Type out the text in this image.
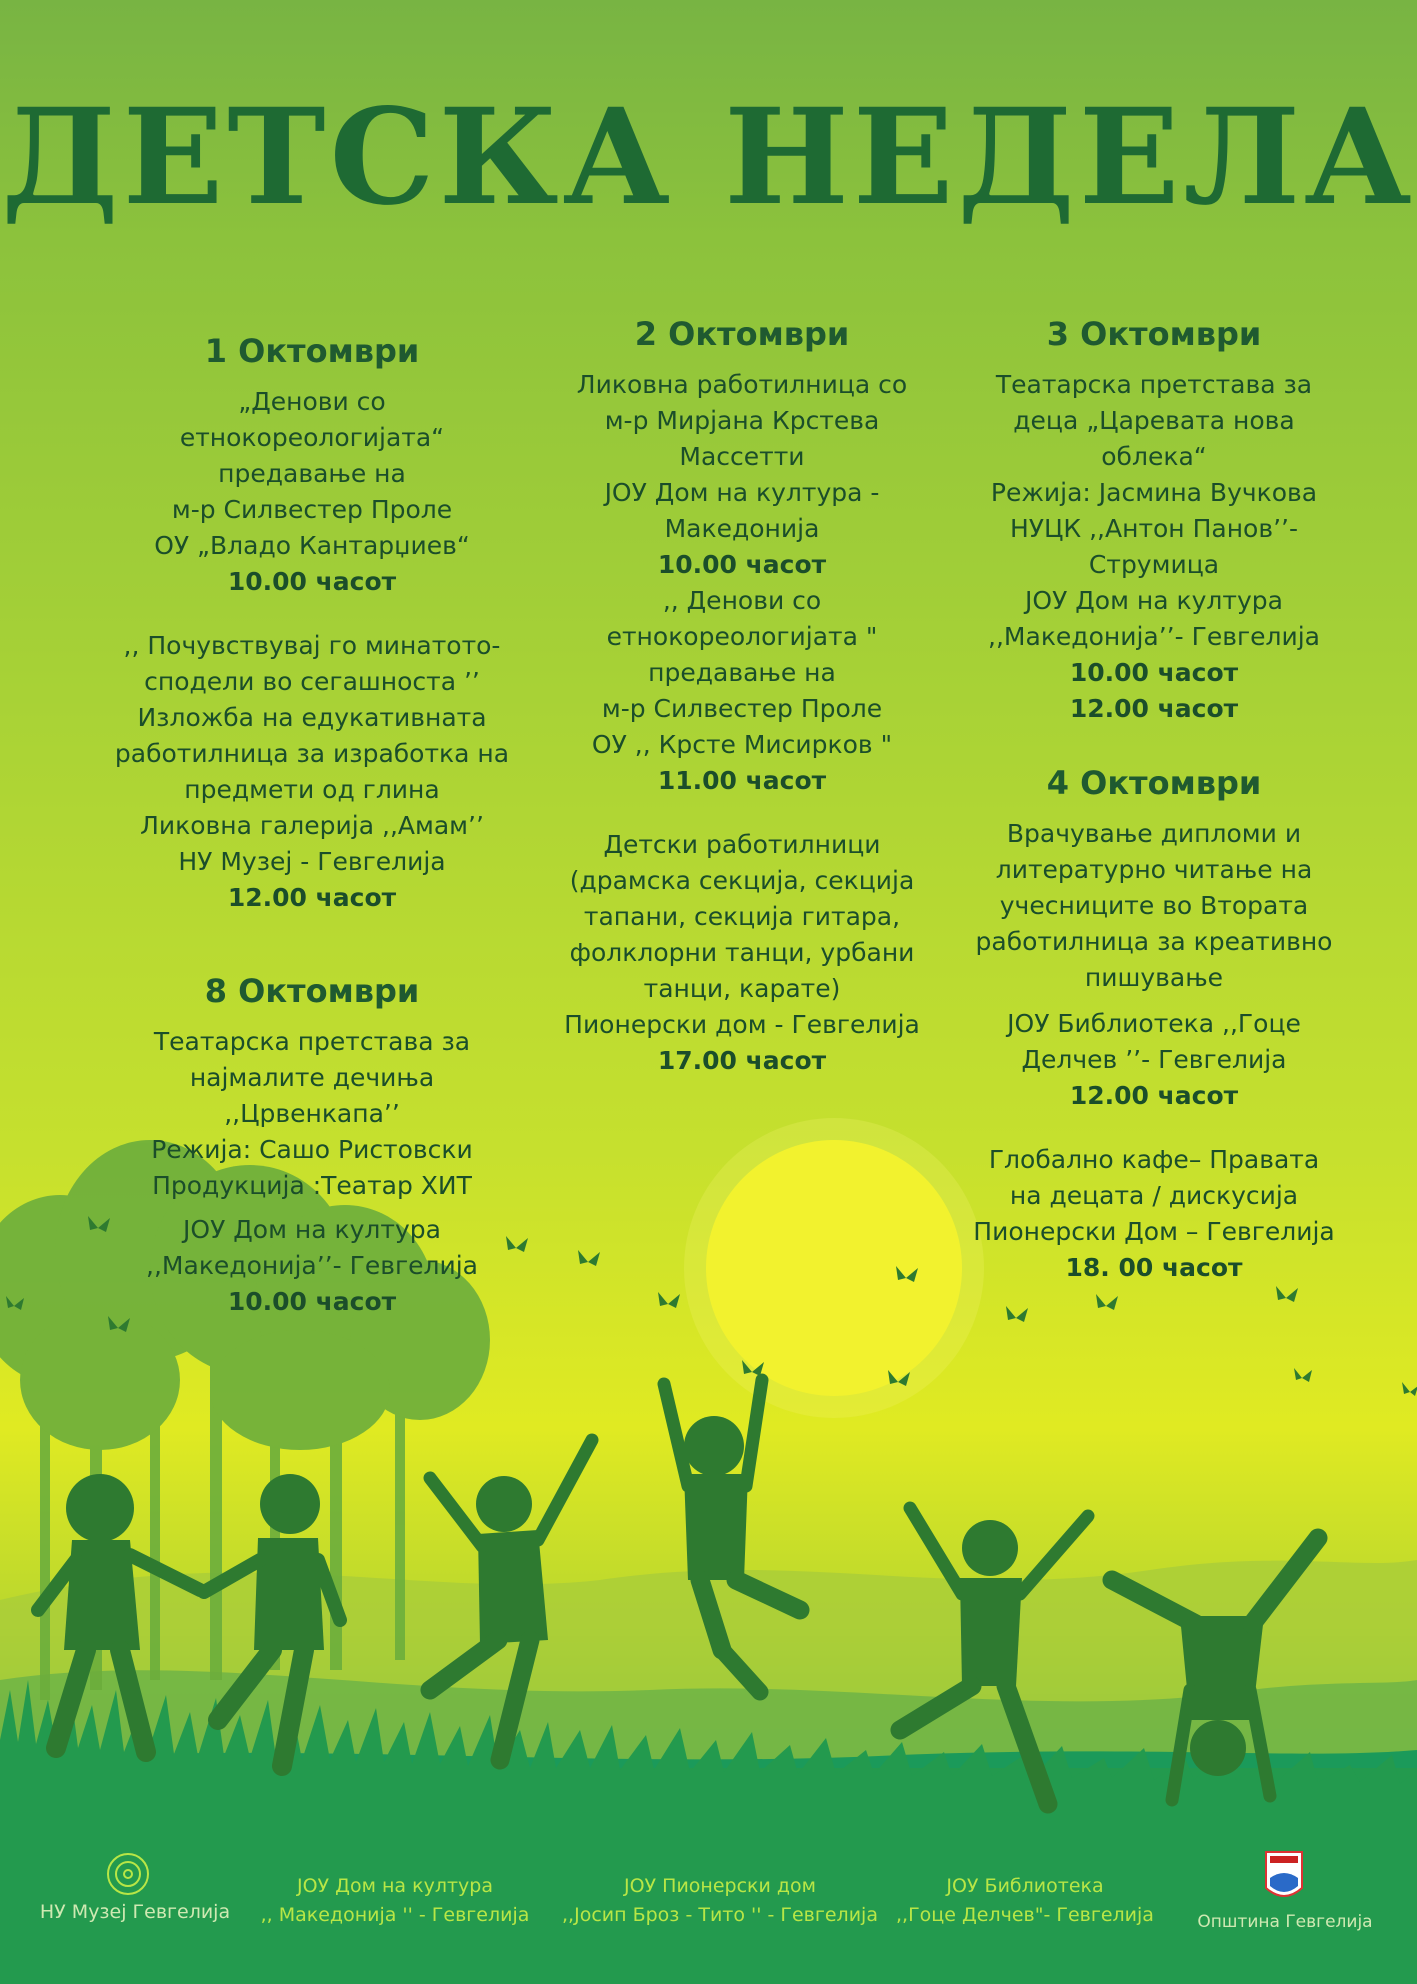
ДЕТСКА НЕДЕЛА
1 Октомври
„Денови со
етнокореологијата“
предавање на
м-р Силвестер Проле
ОУ „Владо Кантарџиев“
10.00 часот
,, Почувствувај го минатото-
сподели во сегашноста ’’
Изложба на едукативната
работилница за изработка на
предмети од глина
Ликовна галерија ,,Амам’’
НУ Музеј - Гевгелија
12.00 часот
8 Октомври
Театарска претстава за
најмалите дечиња
,,Црвенкапа’’
Режија: Сашо Ристовски
Продукција :Театар ХИТ
ЈОУ Дом на култура
,,Македонија’’- Гевгелија
10.00 часот
2 Октомври
Ликовна работилница со
м-р Мирјана Крстева
Массетти
ЈОУ Дом на култура -
Македонија
10.00 часот
,, Денови со
етнокореологијата "
предавање на
м-р Силвестер Проле
ОУ ,, Крсте Мисирков "
11.00 часот
Детски работилници
(драмска секција, секција
тапани, секција гитара,
фолклорни танци, урбани
танци, карате)
Пионерски дом - Гевгелија
17.00 часот
3 Октомври
Театарска претстава за
деца „Царевата нова
облека“
Режија: Јасмина Вучкова
НУЦК ,,Антон Панов’’-
Струмица
ЈОУ Дом на култура
,,Македонија’’- Гевгелија
10.00 часот
12.00 часот
4 Октомври
Врачување дипломи и
литературно читање на
учесниците во Втората
работилница за креативно
пишување
ЈОУ Библиотека ,,Гоце
Делчев ’’- Гевгелија
12.00 часот
Глобално кафе– Правата
на децата / дискусија
Пионерски Дом – Гевгелија
18. 00 часот
НУ Музеј Гевгелија
ЈОУ Дом на култура
,, Македонија '' - Гевгелија
ЈОУ Пионерски дом
,,Јосип Броз - Тито '' - Гевгелија
ЈОУ Библиотека
,,Гоце Делчев"- Гевгелија	Општина Гевгелија
